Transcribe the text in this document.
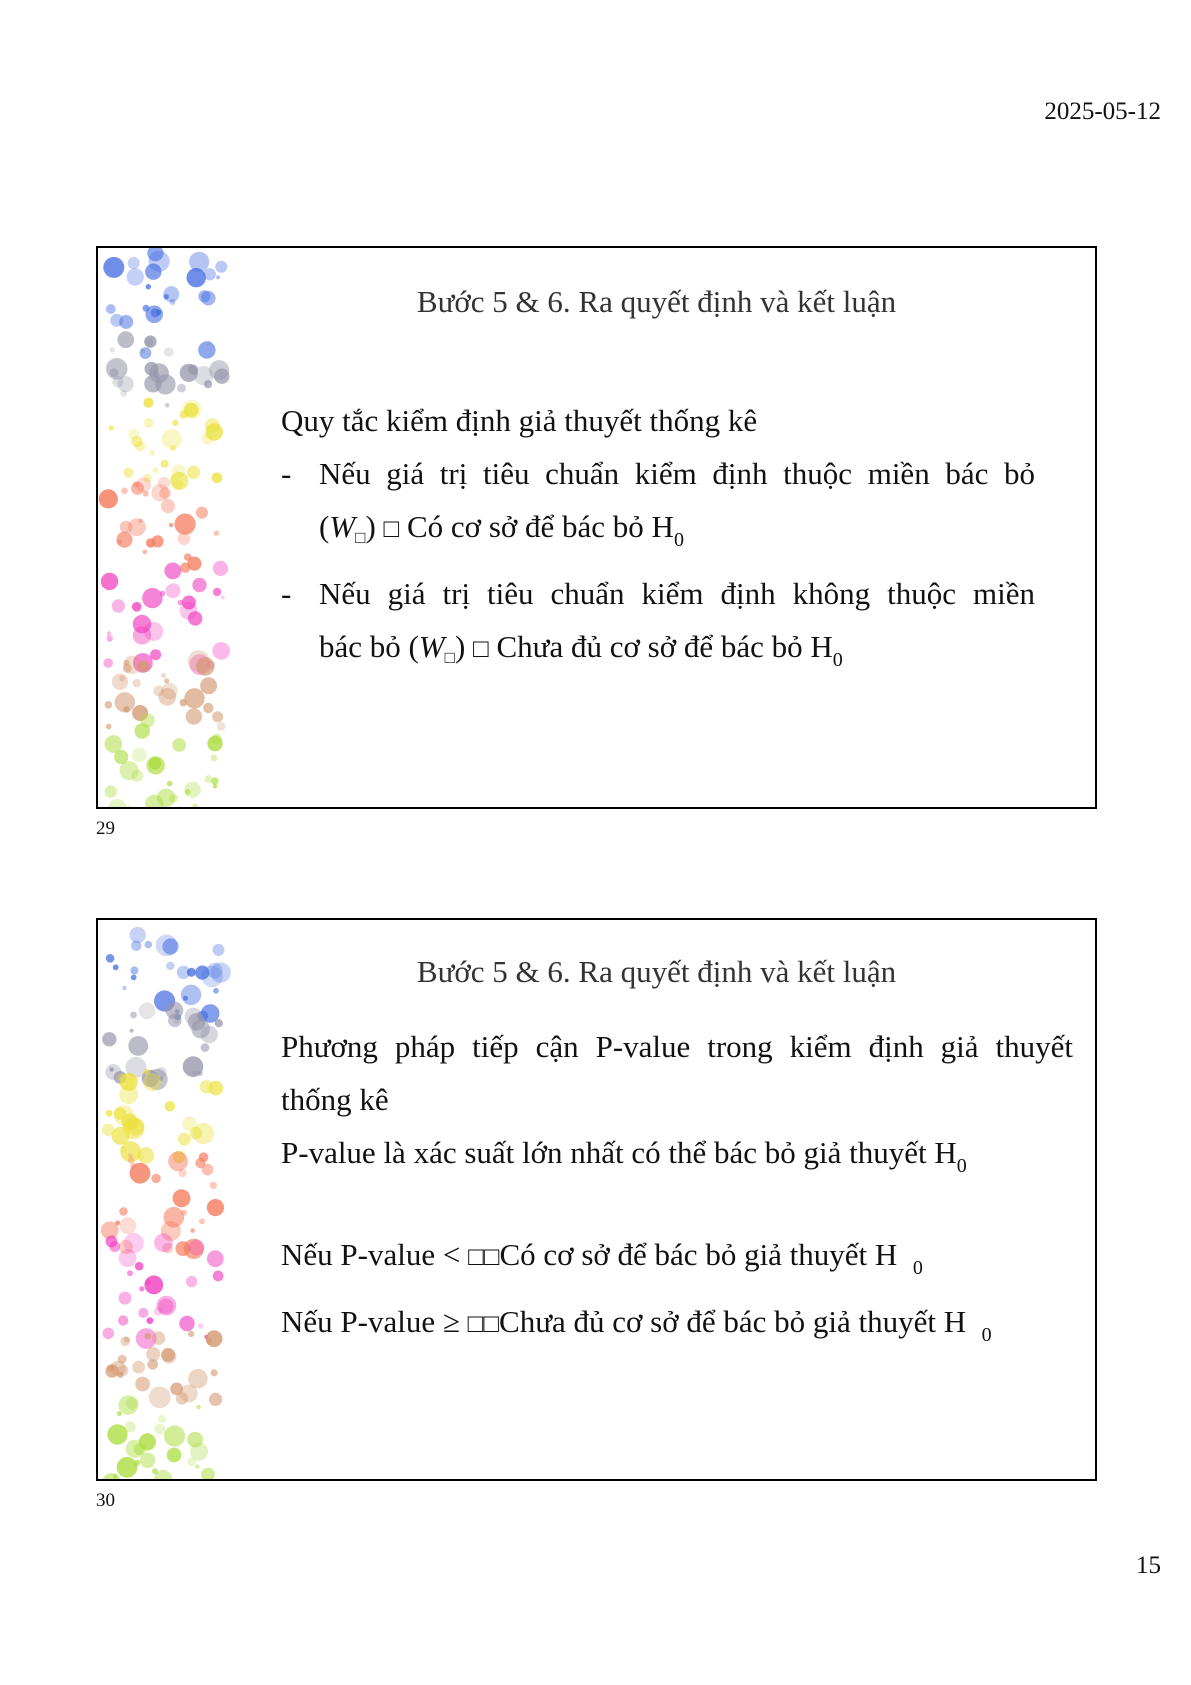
2025-05-12
Bước 5 & 6. Ra quyết định và kết luận
Quy tắc kiểm định giả thuyết thống kê
- Nếu giá trị tiêu chuẩn kiểm định thuộc miền bác bỏ
(W□) □ Có cơ sở để bác bỏ $H_0$
- Nếu giá trị tiêu chuẩn kiểm định không thuộc miền
bác bỏ (W□) □ Chưa đủ cơ sở để bác bỏ $H_0$
29
Bước 5 & 6. Ra quyết định và kết luận
Phương pháp tiếp cận P-value trong kiểm định giả thuyết
thống kê
P-value là xác suất lớn nhất có thể bác bỏ giả thuyết $H_0$
Nếu P-value < □□Có cơ sở để bác bỏ giả thuyết H $_0$
Nếu P-value ≥ □□Chưa đủ cơ sở để bác bỏ giả thuyết H $_0$
30
15
